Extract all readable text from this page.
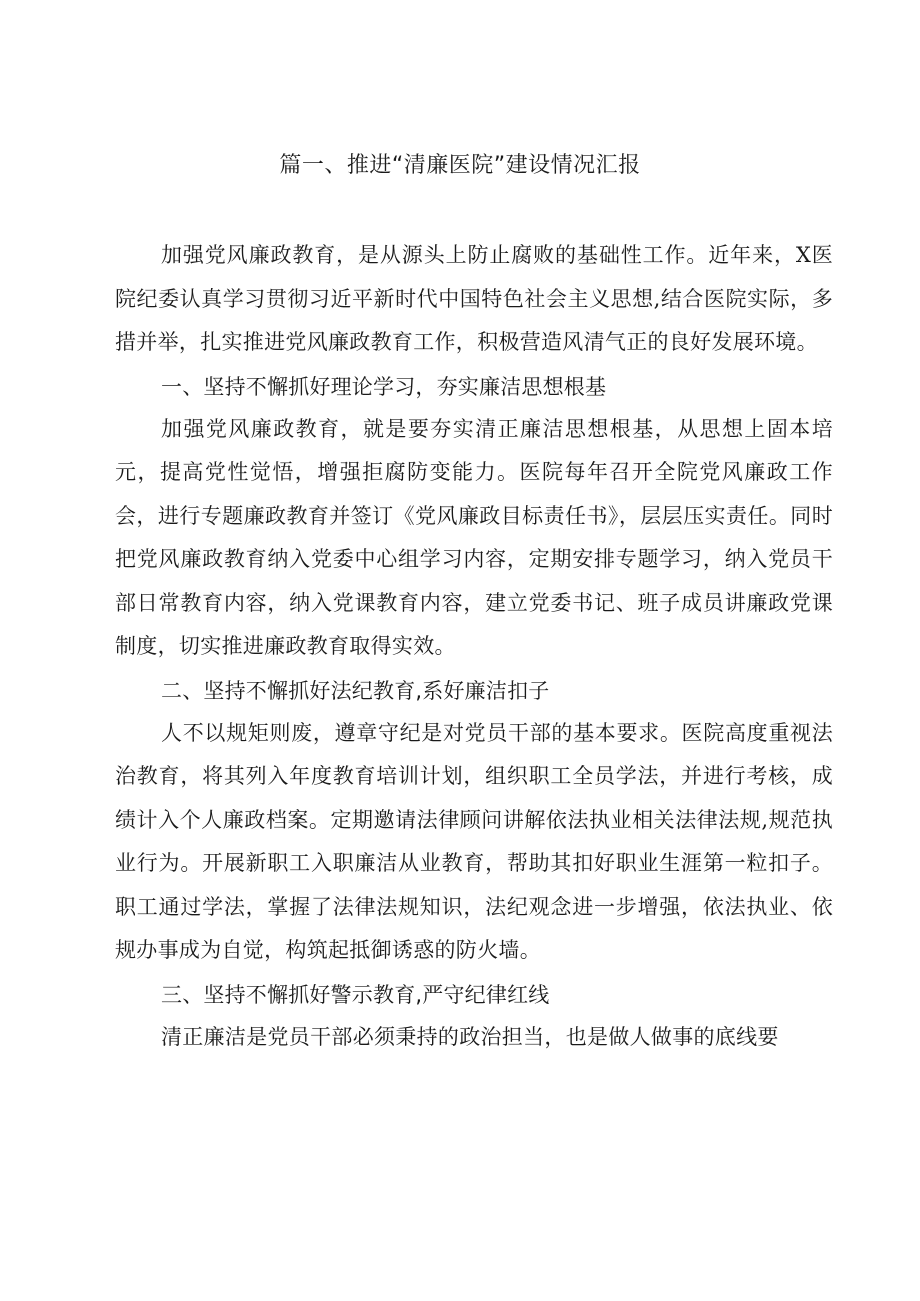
篇一、推进“清廉医院”建设情况汇报

加强党风廉政教育，是从源头上防止腐败的基础性工作。近年来，X医院纪委认真学习贯彻习近平新时代中国特色社会主义思想,结合医院实际，多措并举，扎实推进党风廉政教育工作，积极营造风清气正的良好发展环境。

一、坚持不懈抓好理论学习，夯实廉洁思想根基

加强党风廉政教育，就是要夯实清正廉洁思想根基，从思想上固本培元，提高党性觉悟，增强拒腐防变能力。医院每年召开全院党风廉政工作会，进行专题廉政教育并签订《党风廉政目标责任书》，层层压实责任。同时把党风廉政教育纳入党委中心组学习内容，定期安排专题学习，纳入党员干部日常教育内容，纳入党课教育内容，建立党委书记、班子成员讲廉政党课制度，切实推进廉政教育取得实效。

二、坚持不懈抓好法纪教育,系好廉洁扣子

人不以规矩则废，遵章守纪是对党员干部的基本要求。医院高度重视法治教育，将其列入年度教育培训计划，组织职工全员学法，并进行考核，成绩计入个人廉政档案。定期邀请法律顾问讲解依法执业相关法律法规,规范执业行为。开展新职工入职廉洁从业教育，帮助其扣好职业生涯第一粒扣子。职工通过学法，掌握了法律法规知识，法纪观念进一步增强，依法执业、依规办事成为自觉，构筑起抵御诱惑的防火墙。

三、坚持不懈抓好警示教育,严守纪律红线

清正廉洁是党员干部必须秉持的政治担当，也是做人做事的底线要
